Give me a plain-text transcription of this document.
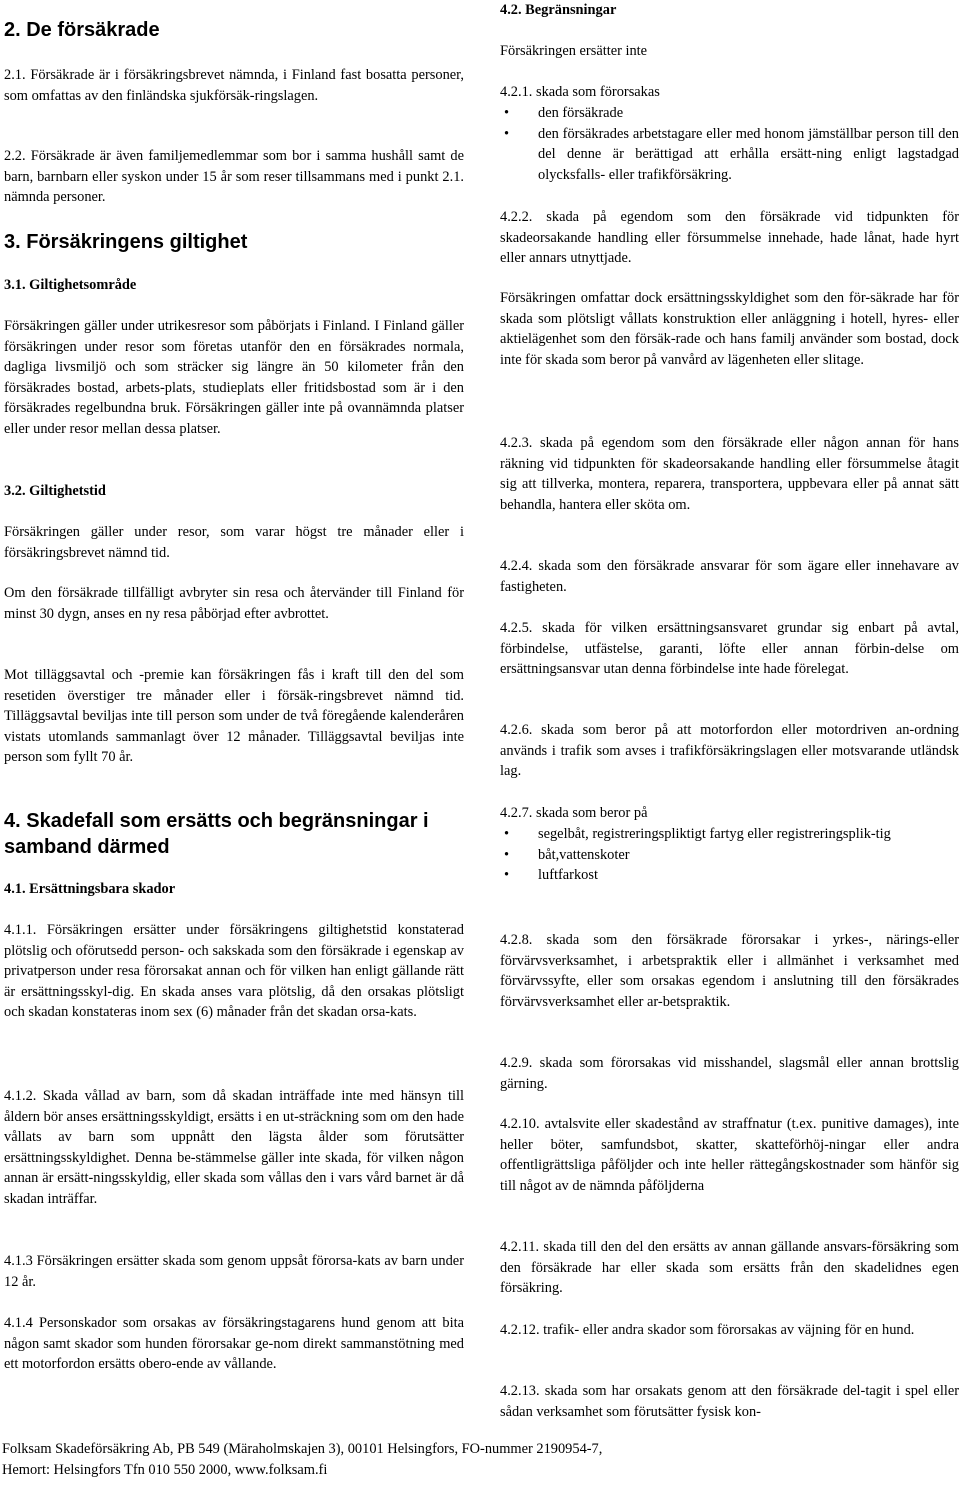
2. De försäkrade

2.1. Försäkrade är i försäkringsbrevet nämnda, i Finland fast bosatta personer, som omfattas av den finländska sjukförsäk-ringslagen.

2.2. Försäkrade är även familjemedlemmar som bor i samma hushåll samt de barn, barnbarn eller syskon under 15 år som reser tillsammans med i punkt 2.1. nämnda personer.

3. Försäkringens giltighet
3.1. Giltighetsområde

Försäkringen gäller under utrikesresor som påbörjats i Finland. I Finland gäller försäkringen under resor som företas utanför den en försäkrades normala, dagliga livsmiljö och som sträcker sig längre än 50 kilometer från den försäkrades bostad, arbets-plats, studieplats eller fritidsbostad som är i den försäkrades regelbundna bruk. Försäkringen gäller inte på ovannämnda platser eller under resor mellan dessa platser.

3.2. Giltighetstid

Försäkringen gäller under resor, som varar högst tre månader eller i försäkringsbrevet nämnd tid.

Om den försäkrade tillfälligt avbryter sin resa och återvänder till Finland för minst 30 dygn, anses en ny resa påbörjad efter avbrottet.

Mot tilläggsavtal och -premie kan försäkringen fås i kraft till den del som resetiden överstiger tre månader eller i försäk-ringsbrevet nämnd tid. Tilläggsavtal beviljas inte till person som under de två föregående kalenderåren vistats utomlands sammanlagt över 12 månader. Tilläggsavtal beviljas inte person som fyllt 70 år.

4. Skadefall som ersätts och begränsningar i samband därmed
4.1. Ersättningsbara skador

4.1.1. Försäkringen ersätter under försäkringens giltighetstid konstaterad plötslig och oförutsedd person- och sakskada som den försäkrade i egenskap av privatperson under resa förorsakat annan och för vilken han enligt gällande rätt är ersättningsskyl-dig. En skada anses vara plötslig, då den orsakas plötsligt och skadan konstateras inom sex (6) månader från det skadan orsa-kats.

4.1.2. Skada vållad av barn, som då skadan inträffade inte med hänsyn till åldern bör anses ersättningsskyldigt, ersätts i en ut-sträckning som om den hade vållats av barn som uppnått den lägsta ålder som förutsätter ersättningsskyldighet. Denna be-stämmelse gäller inte skada, för vilken någon annan är ersätt-ningsskyldig, eller skada som vållas den i vars vård barnet är då skadan inträffar.

4.1.3 Försäkringen ersätter skada som genom uppsåt förorsa-kats av barn under 12 år.

4.1.4 Personskador som orsakas av försäkringstagarens hund genom att bita någon samt skador som hunden förorsakar ge-nom direkt sammanstötning med ett motorfordon ersätts obero-ende av vållande.

4.2. Begränsningar

Försäkringen ersätter inte

4.2.1. skada som förorsakas

• den försäkrade
• den försäkrades arbetstagare eller med honom jämställbar person till den del denne är berättigad att erhålla ersätt-ning enligt lagstadgad olycksfalls- eller trafikförsäkring.

4.2.2. skada på egendom som den försäkrade vid tidpunkten för skadeorsakande handling eller försummelse innehade, hade lånat, hade hyrt eller annars utnyttjade.

Försäkringen omfattar dock ersättningsskyldighet som den för-säkrade har för skada som plötsligt vållats konstruktion eller anläggning i hotell, hyres- eller aktielägenhet som den försäk-rade och hans familj använder som bostad, dock inte för skada som beror på vanvård av lägenheten eller slitage.

4.2.3. skada på egendom som den försäkrade eller någon annan för hans räkning vid tidpunkten för skadeorsakande handling eller försummelse åtagit sig att tillverka, montera, reparera, transportera, uppbevara eller på annat sätt behandla, hantera eller sköta om.

4.2.4. skada som den försäkrade ansvarar för som ägare eller innehavare av fastigheten.

4.2.5. skada för vilken ersättningsansvaret grundar sig enbart på avtal, förbindelse, utfästelse, garanti, löfte eller annan förbin-delse om ersättningsansvar utan denna förbindelse inte hade förelegat.

4.2.6. skada som beror på att motorfordon eller motordriven an-ordning används i trafik som avses i trafikförsäkringslagen eller motsvarande utländsk lag.

4.2.7. skada som beror på

• segelbåt, registreringspliktigt fartyg eller registreringsplik-tig
• båt,vattenskoter
• luftfarkost

4.2.8. skada som den försäkrade förorsakar i yrkes-, närings-eller förvärvsverksamhet, i arbetspraktik eller i allmänhet i verksamhet med förvärvssyfte, eller som orsakas egendom i anslutning till den försäkrades förvärvsverksamhet eller ar-betspraktik.

4.2.9. skada som förorsakas vid misshandel, slagsmål eller annan brottslig gärning.

4.2.10. avtalsvite eller skadestånd av straffnatur (t.ex. punitive damages), inte heller böter, samfundsbot, skatter, skatteförhöj-ningar eller andra offentligrättsliga påföljder och inte heller rättegångskostnader som hänför sig till något av de nämnda påföljderna

4.2.11. skada till den del den ersätts av annan gällande ansvars-försäkring som den försäkrade har eller skada som ersätts från den skadelidnes egen försäkring.

4.2.12. trafik- eller andra skador som förorsakas av väjning för en hund.

4.2.13. skada som har orsakats genom att den försäkrade del-tagit i spel eller sådan verksamhet som förutsätter fysisk kon-

Folksam Skadeförsäkring Ab, PB 549 (Märaholmskajen 3), 00101 Helsingfors, FO-nummer 2190954-7,
Hemort: Helsingfors Tfn 010 550 2000, www.folksam.fi
